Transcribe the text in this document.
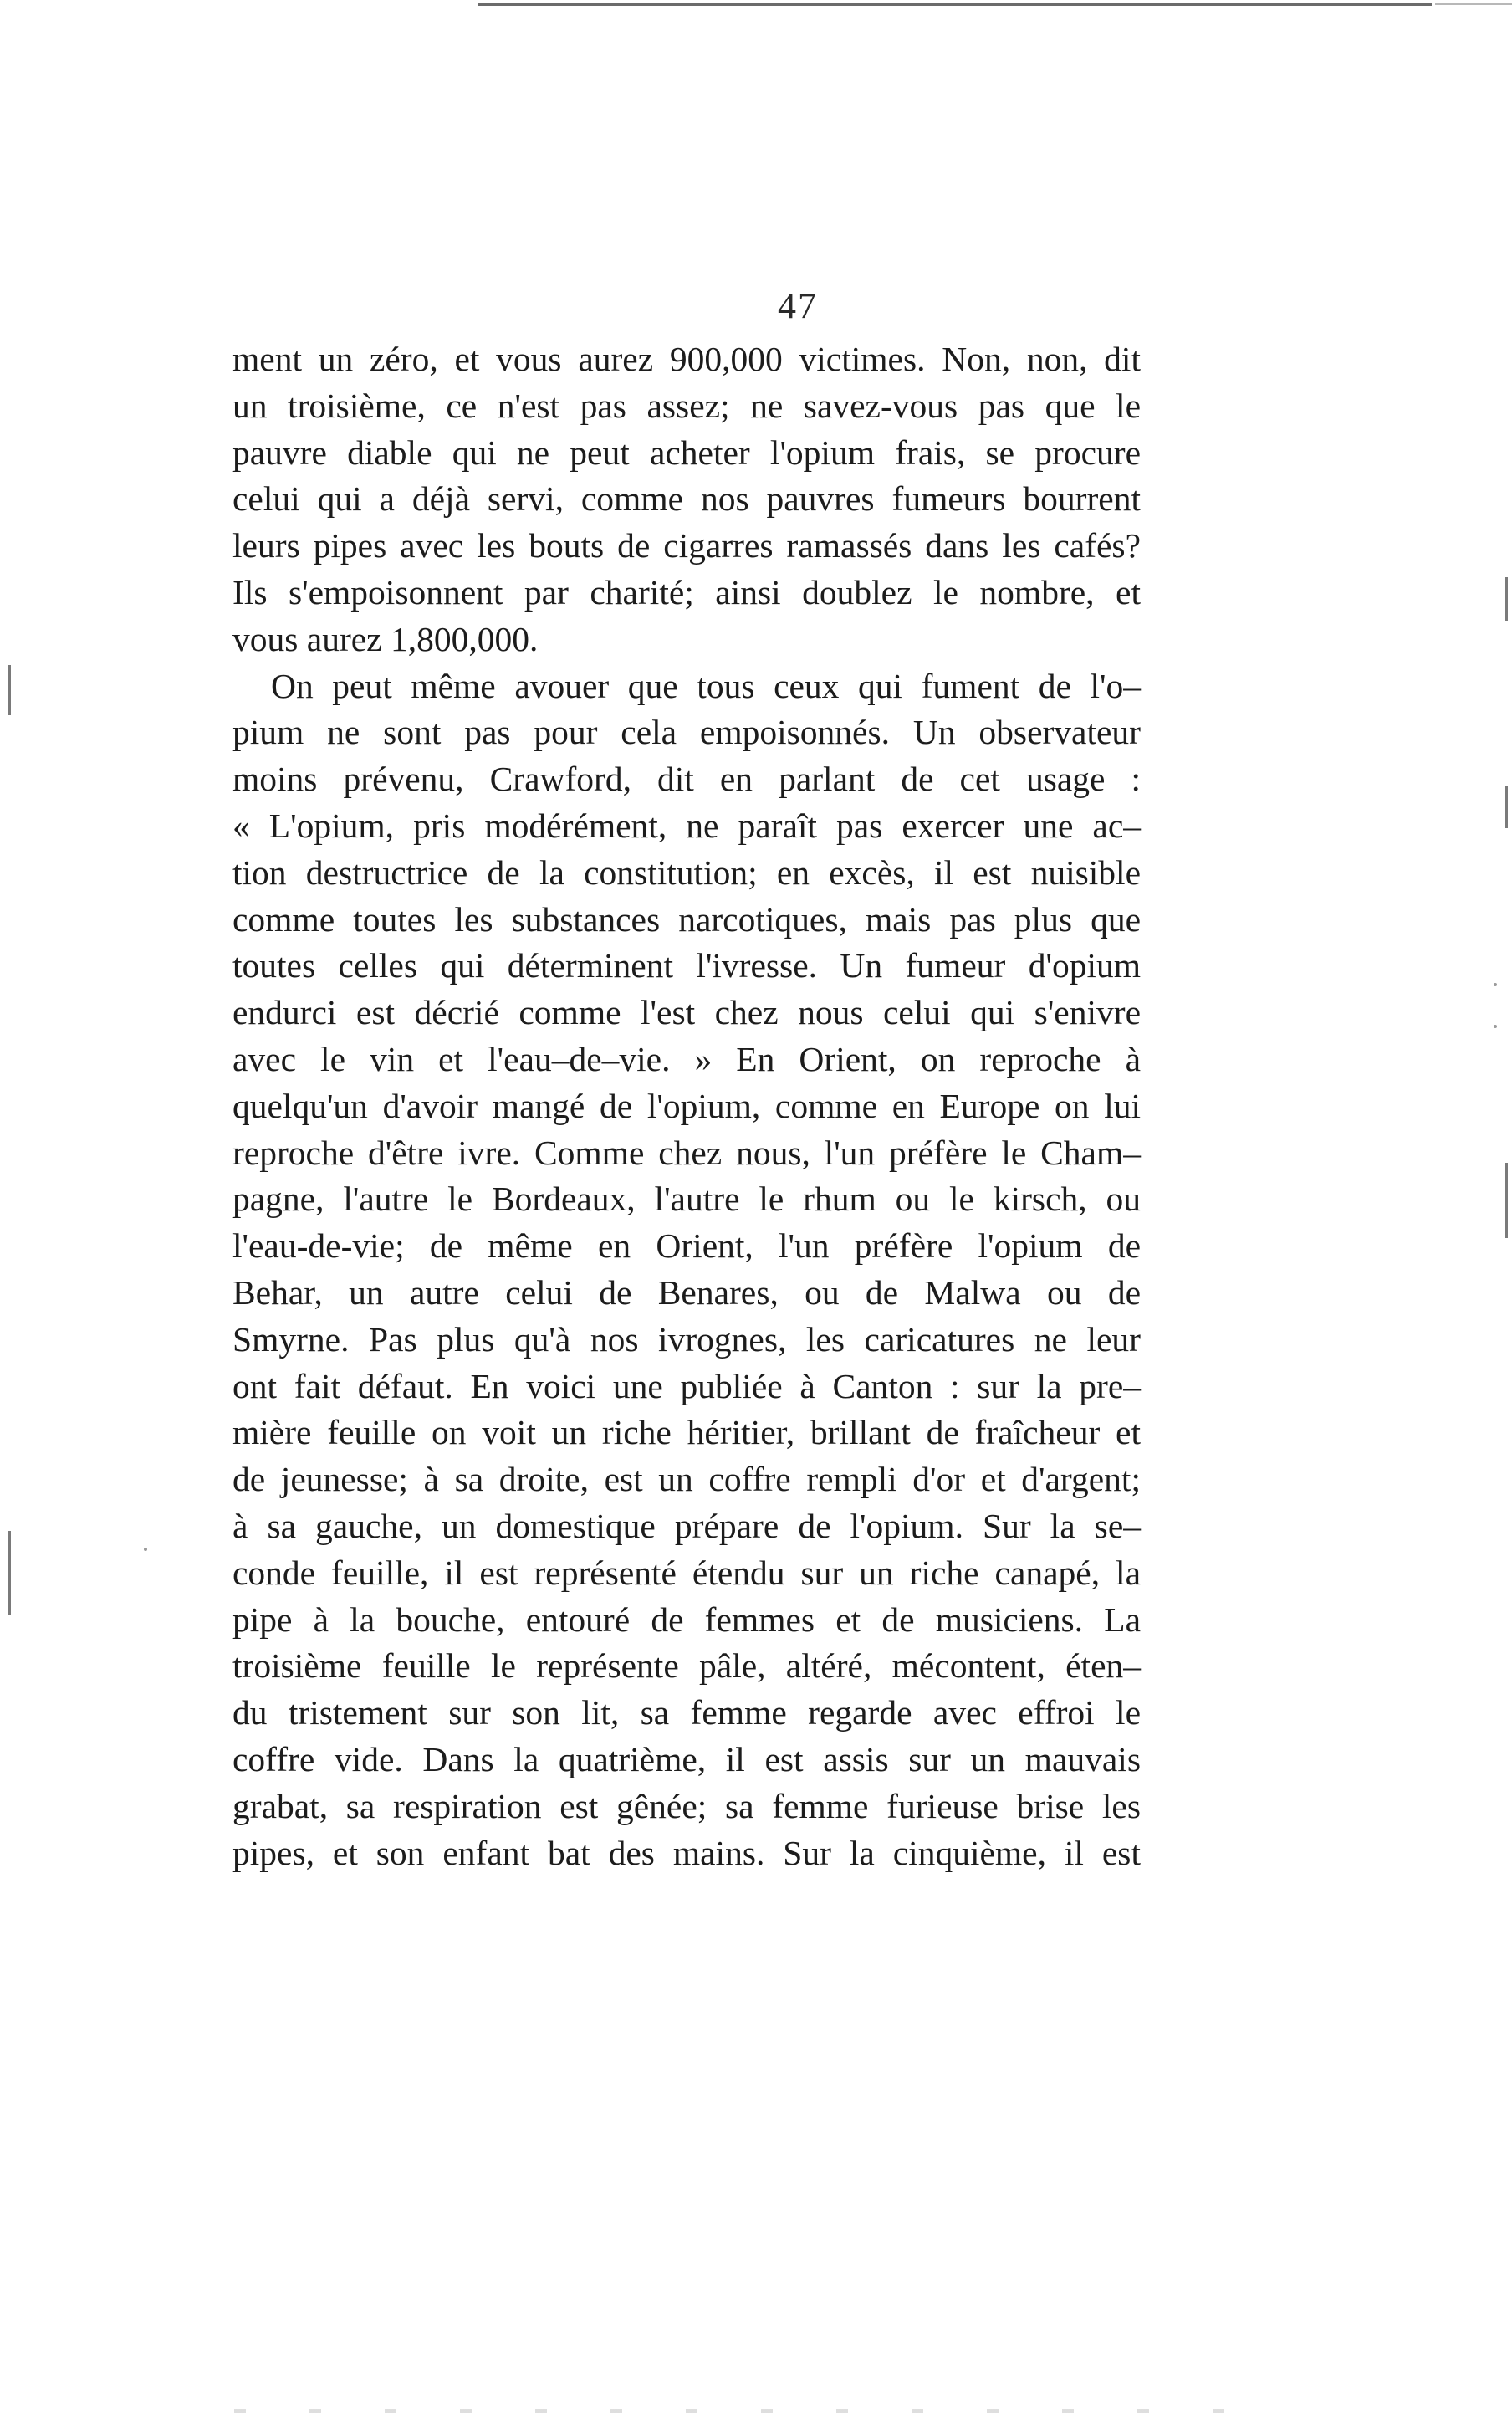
47
ment un zéro, et vous aurez 900,000 victimes. Non, non, dit
un troisième, ce n'est pas assez; ne savez-vous pas que le
pauvre diable qui ne peut acheter l'opium frais, se procure
celui qui a déjà servi, comme nos pauvres fumeurs bourrent
leurs pipes avec les bouts de cigarres ramassés dans les cafés?
Ils s'empoisonnent par charité; ainsi doublez le nombre, et
vous aurez 1,800,000.
On peut même avouer que tous ceux qui fument de l'o–
pium ne sont pas pour cela empoisonnés. Un observateur
moins prévenu, Crawford, dit en parlant de cet usage :
« L'opium, pris modérément, ne paraît pas exercer une ac–
tion destructrice de la constitution; en excès, il est nuisible
comme toutes les substances narcotiques, mais pas plus que
toutes celles qui déterminent l'ivresse. Un fumeur d'opium
endurci est décrié comme l'est chez nous celui qui s'enivre
avec le vin et l'eau–de–vie. » En Orient, on reproche à
quelqu'un d'avoir mangé de l'opium, comme en Europe on lui
reproche d'être ivre. Comme chez nous, l'un préfère le Cham–
pagne, l'autre le Bordeaux, l'autre le rhum ou le kirsch, ou
l'eau-de-vie; de même en Orient, l'un préfère l'opium de
Behar, un autre celui de Benares, ou de Malwa ou de
Smyrne. Pas plus qu'à nos ivrognes, les caricatures ne leur
ont fait défaut. En voici une publiée à Canton : sur la pre–
mière feuille on voit un riche héritier, brillant de fraîcheur et
de jeunesse; à sa droite, est un coffre rempli d'or et d'argent;
à sa gauche, un domestique prépare de l'opium. Sur la se–
conde feuille, il est représenté étendu sur un riche canapé, la
pipe à la bouche, entouré de femmes et de musiciens. La
troisième feuille le représente pâle, altéré, mécontent, éten–
du tristement sur son lit, sa femme regarde avec effroi le
coffre vide. Dans la quatrième, il est assis sur un mauvais
grabat, sa respiration est gênée; sa femme furieuse brise les
pipes, et son enfant bat des mains. Sur la cinquième, il est
